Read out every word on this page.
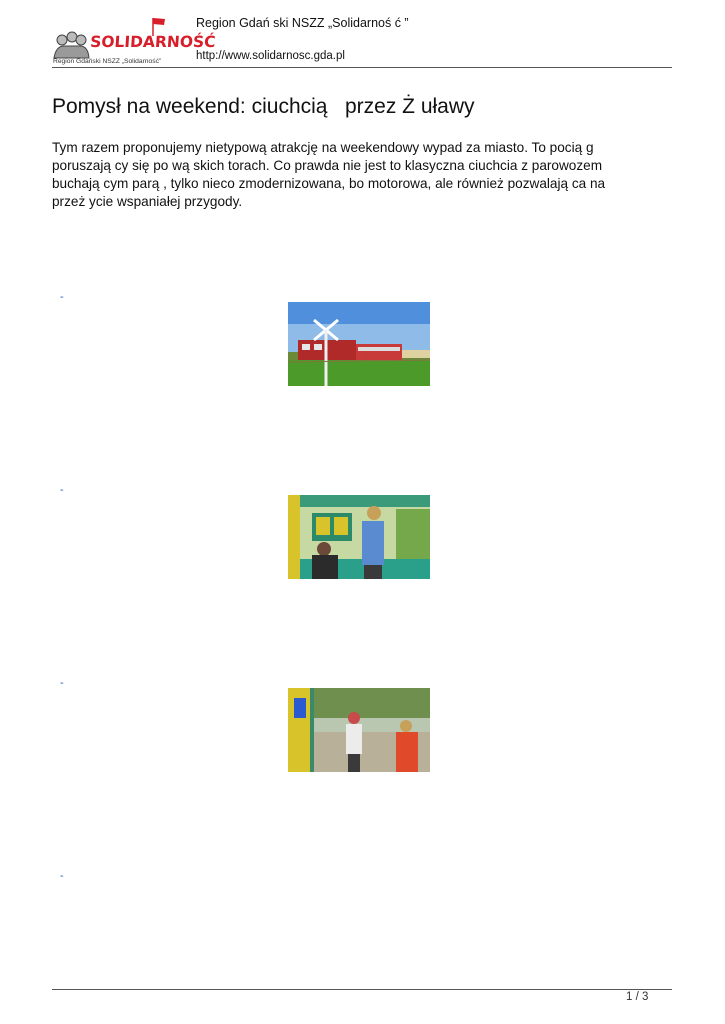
SOLIDARNOŚĆ
Region Gdański NSZZ „Solidarność”
Region Gdań ski NSZZ „Solidarnoś ć ”
http://www.solidarnosc.gda.pl
Pomysł na weekend: ciuchcią   przez Ż uławy

Tym razem proponujemy nietypową atrakcję na weekendowy wypad za miasto. To pocią g
poruszają cy się po wą skich torach. Co prawda nie jest to klasyczna ciuchcia z parowozem
buchają cym parą , tylko nieco zmodernizowana, bo motorowa, ale również pozwalają ca na
przeż ycie wspaniałej przygody.

-
-
-
-
1 / 3
